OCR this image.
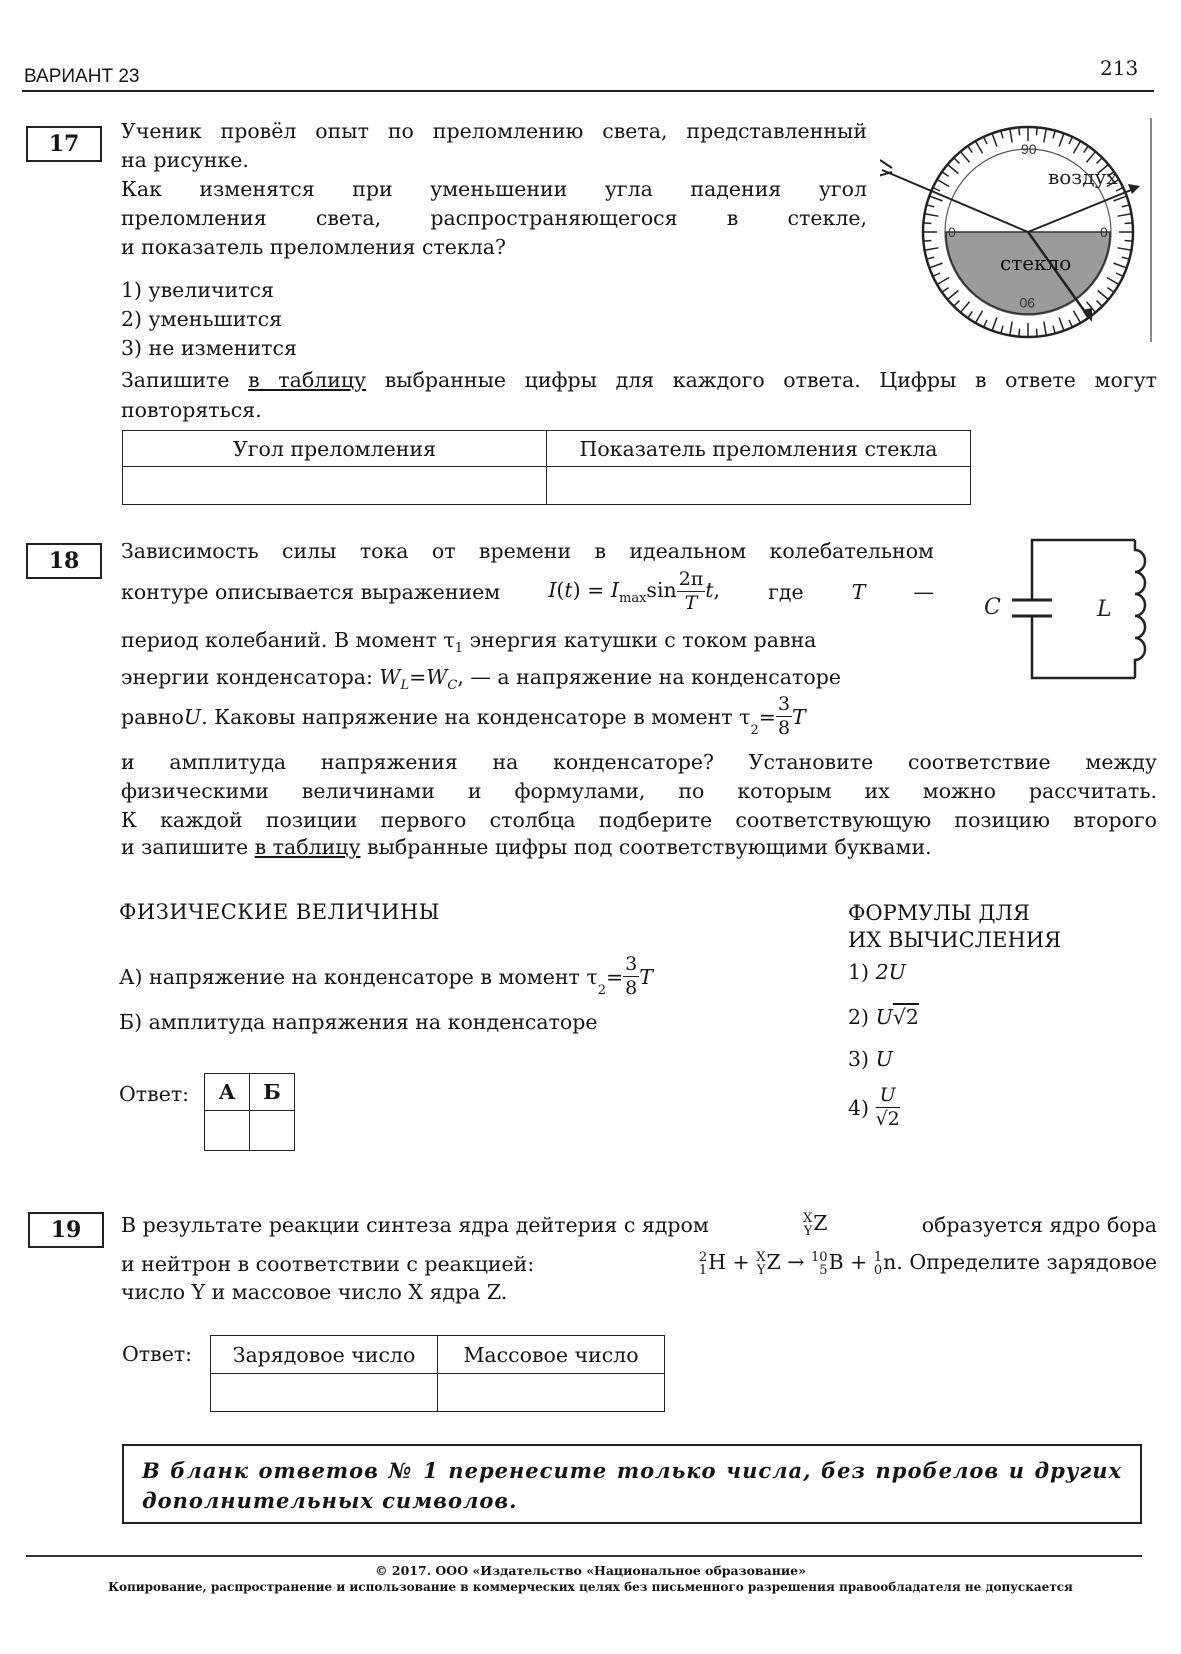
ВАРИАНТ 23	213
17	Ученик провёл опыт по преломлению света, представленный
на рисунке.
Как изменятся при уменьшении угла падения угол
преломления света, распространяющегося в стекле,
и показатель преломления стекла?
1) увеличится
2) уменьшится
3) не изменится
Запишите в таблицу выбранные цифры для каждого ответа. Цифры в ответе могут
повторяться.
Угол преломления	Показатель преломления стекла

воздух
стекло
90
0	0
90
18	Зависимость силы тока от времени в идеальном колебательном
контуре описывается выражением $I(t) = I_{max}\sin \frac{2\pi}{T} t$, где T —
период колебаний. В момент $\tau_1$ энергия катушки с током равна
энергии конденсатора: $W_L=W_C$, — а напряжение на конденсаторе
равно U . Каковы напряжение на конденсаторе в момент τ
$_2$
= $\frac{3}{8}$ T
и амплитуда напряжения на конденсаторе? Установите соответствие между
физическими величинами и формулами, по которым их можно рассчитать.
К каждой позиции первого столбца подберите соответствующую позицию второго
и запишите в таблицу выбранные цифры под соответствующими буквами.
C	L
ФИЗИЧЕСКИЕ ВЕЛИЧИНЫ	ФОРМУЛЫ ДЛЯ
ИХ ВЫЧИСЛЕНИЯ
А) напряжение на конденсаторе в момент τ
$_2$
= $\frac{3}{8}$ T
Б) амплитуда напряжения на конденсаторе
1) 2U
2) U√2
3) U
4)
$\frac{U}{√2}$
Ответ: А	Б

19	В результате реакции синтеза ядра дейтерия с ядром	X
Y Z	образуется ядро бора
и нейтрон в соответствии с реакцией:	2
1 H + X
Y Z → 10
5 B + 1
0 n. Определите зарядовое
число Y и массовое число X ядра Z.
Ответ: Зарядовое число	Массовое число

В бланк ответов № 1 перенесите только числа, без пробелов и других
дополнительных символов.
© 2017. ООО «Издательство «Национальное образование»
Копирование, распространение и использование в коммерческих целях без письменного разрешения правообладателя не допускается
